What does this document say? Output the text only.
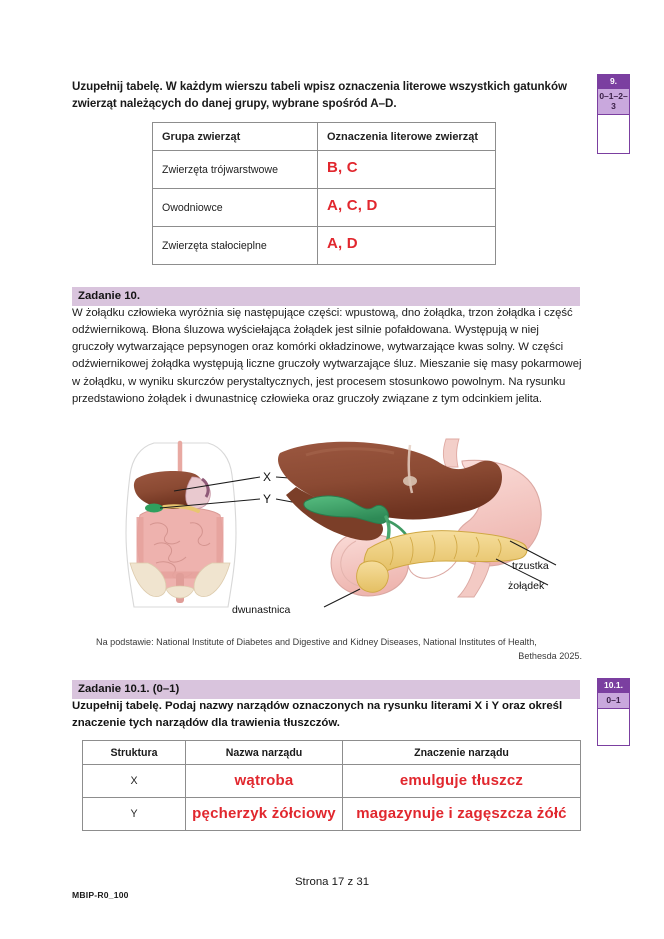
Uzupełnij tabelę. W każdym wierszu tabeli wpisz oznaczenia literowe wszystkich gatunków zwierząt należących do danej grupy, wybrane spośród A–D.
9.
0–1–2–3
Grupa zwierząt	Oznaczenia literowe zwierząt
Zwierzęta trójwarstwowe	B, C
Owodniowce	A, C, D
Zwierzęta stałocieplne	A, D
Zadanie 10.
W żołądku człowieka wyróżnia się następujące części: wpustową, dno żołądka, trzon żołądka i część odźwiernikową. Błona śluzowa wyściełająca żołądek jest silnie pofałdowana. Występują w niej gruczoły wytwarzające pepsynogen oraz komórki okładzinowe, wytwarzające kwas solny. W części odźwiernikowej żołądka występują liczne gruczoły wytwarzające śluz. Mieszanie się masy pokarmowej w żołądku, w wyniku skurczów perystaltycznych, jest procesem stosunkowo powolnym. Na rysunku przedstawiono żołądek i dwunastnicę człowieka oraz gruczoły związane z tym odcinkiem jelita.
X
Y
trzustka
żołądek
dwunastnica
Na podstawie: National Institute of Diabetes and Digestive and Kidney Diseases, National Institutes of Health,
Bethesda 2025.
Zadanie 10.1. (0–1)
Uzupełnij tabelę. Podaj nazwy narządów oznaczonych na rysunku literami X i Y oraz określ znaczenie tych narządów dla trawienia tłuszczów.
10.1.
0–1
Struktura	Nazwa narządu	Znaczenie narządu
X	wątroba	emulguje tłuszcz
Y	pęcherzyk żółciowy	magazynuje i zagęszcza żółć
MBIP-R0_100
Strona 17 z 31
